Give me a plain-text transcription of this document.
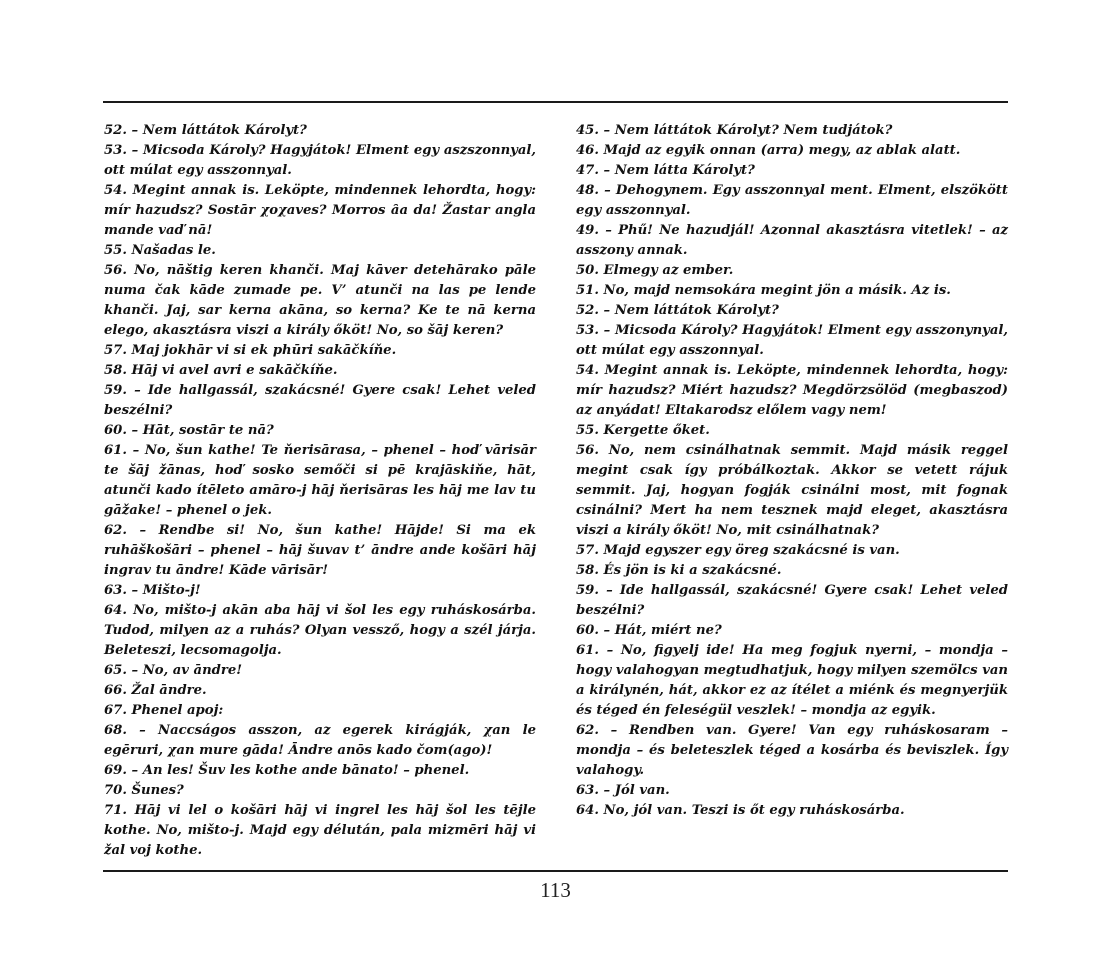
52. – Nem láttátok Károlyt?

53. – Micsoda Károly? Hagyjátok! Elment egy aszszonnyal, ott múlat egy asszonnyal.

54. Megint annak is. Leköpte, mindennek lehordta, hogy: mír hazudsz? Sostār χoχaves? Morros ȃa da! Žastar angla mande vaď nā!

55. Našadas le.

56. No, nāštig keren khanči. Maj kāver detehārako pāle numa čak kāde zumade pe. V’ atunči na las pe lende khanči. Jaj, sar kerna akāna, so kerna? Ke te nā kerna elego, akasztásra viszi a király őköt! No, so šāj keren?

57. Maj jokhār vi si ek phūri sakāčkíňe.

58. Hāj vi avel avri e sakāčkíňe.

59. – Ide hallgassál, szakácsné! Gyere csak! Lehet veled beszélni?

60. – Hāt, sostār te nā?

61. – No, šun kathe! Te ňerisārasa, – phenel – hoď vārisār te šāj žānas, hoď sosko semőči si pē krajāskiňe, hāt, atunči kado ítēleto amāro-j hāj ňerisāras les hāj me lav tu gāžake! – phenel o jek.

62. – Rendbe si! No, šun kathe! Hājde! Si ma ek ruhāškošāri – phenel – hāj šuvav t’ āndre ande košāri hāj ingrav tu āndre! Kāde vārisār!

63. – Mišto-j!

64. No, mišto-j akān aba hāj vi šol les egy ruháskosárba. Tudod, milyen az a ruhás? Olyan vessző, hogy a szél járja. Beleteszi, lecsomagolja.

65. – No, av āndre!

66. Žal āndre.

67. Phenel apoj:

68. – Naccságos asszon, az egerek kirágják, χan le egēruri, χan mure gāda! Āndre anōs kado čom(ago)!

69. – An les! Šuv les kothe ande bānato! – phenel.

70. Šunes?

71. Hāj vi lel o košāri hāj vi ingrel les hāj šol les tējle kothe. No, mišto-j. Majd egy délután, pala mizmēri hāj vi žal voj kothe.

45. – Nem láttátok Károlyt? Nem tudjátok?

46. Majd az egyik onnan (arra) megy, az ablak alatt.

47. – Nem látta Károlyt?

48. – Dehogynem. Egy asszonnyal ment. Elment, elszökött egy asszonnyal.

49. – Phű! Ne hazudjál! Azonnal akasztásra vitetlek! – az asszony annak.

50. Elmegy az ember.

51. No, majd nemsokára megint jön a másik. Az is.

52. – Nem láttátok Károlyt?

53. – Micsoda Károly? Hagyjátok! Elment egy asszonynyal, ott múlat egy asszonnyal.

54. Megint annak is. Leköpte, mindennek lehordta, hogy: mír hazudsz? Miért hazudsz? Megdörzsölöd (megbaszod) az anyádat! Eltakarodsz előlem vagy nem!

55. Kergette őket.

56. No, nem csinálhatnak semmit. Majd másik reggel megint csak így próbálkoztak. Akkor se vetett rájuk semmit. Jaj, hogyan fogják csinálni most, mit fognak csinálni? Mert ha nem tesznek majd eleget, akasztásra viszi a király őköt! No, mit csinálhatnak?

57. Majd egyszer egy öreg szakácsné is van.

58. És jön is ki a szakácsné.

59. – Ide hallgassál, szakácsné! Gyere csak! Lehet veled beszélni?

60. – Hát, miért ne?

61. – No, figyelj ide! Ha meg fogjuk nyerni, – mondja – hogy valahogyan megtudhatjuk, hogy milyen szemölcs van a királynén, hát, akkor ez az ítélet a miénk és megnyerjük és téged én feleségül veszlek! – mondja az egyik.

62. – Rendben van. Gyere! Van egy ruháskosaram – mondja – és beleteszlek téged a kosárba és beviszlek. Így valahogy.

63. – Jól van.

64. No, jól van. Teszi is őt egy ruháskosárba.

113
